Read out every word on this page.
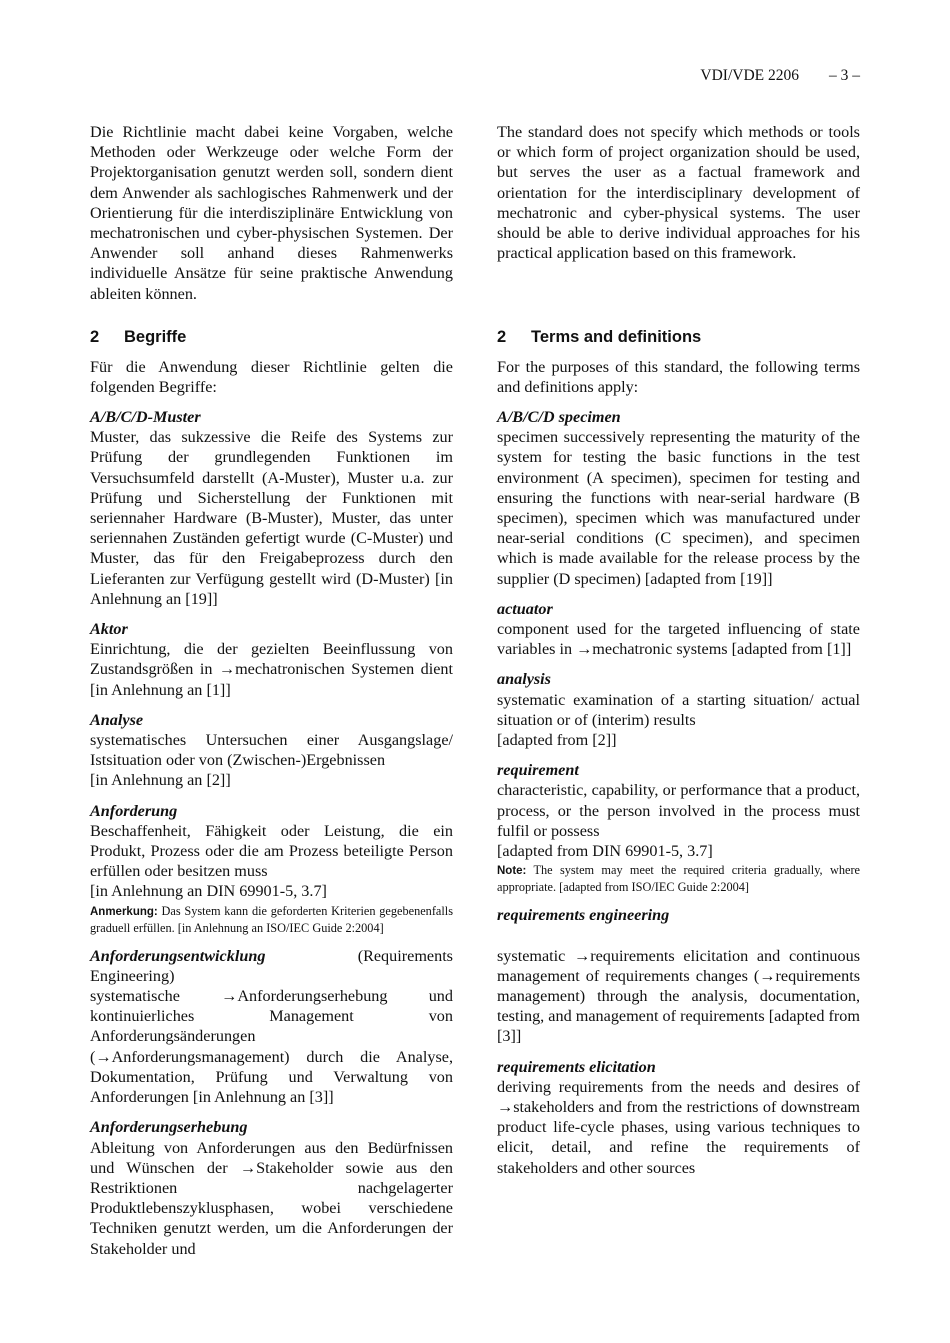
VDI/VDE 2206 – 3 –

Die Richtlinie macht dabei keine Vorgaben, welche Methoden oder Werkzeuge oder welche Form der Projektorganisation genutzt werden soll, sondern dient dem Anwender als sachlogisches Rahmenwerk und der Orientierung für die interdisziplinäre Entwicklung von mechatronischen und cyber-physischen Systemen. Der Anwender soll anhand dieses Rahmenwerks individuelle Ansätze für seine praktische Anwendung ableiten können.

2 Begriffe

Für die Anwendung dieser Richtlinie gelten die folgenden Begriffe:

A/B/C/D-Muster

Muster, das sukzessive die Reife des Systems zur Prüfung der grundlegenden Funktionen im Versuchsumfeld darstellt (A-Muster), Muster u.a. zur Prüfung und Sicherstellung der Funktionen mit seriennaher Hardware (B-Muster), Muster, das unter seriennahen Zuständen gefertigt wurde (C-Muster) und Muster, das für den Freigabeprozess durch den Lieferanten zur Verfügung gestellt wird (D-Muster) [in Anlehnung an [19]]

Aktor

Einrichtung, die der gezielten Beeinflussung von Zustandsgrößen in →mechatronischen Systemen dient [in Anlehnung an [1]]

Analyse

systematisches Untersuchen einer Ausgangslage/ Istsituation oder von (Zwischen-)Ergebnissen

[in Anlehnung an [2]]

Anforderung

Beschaffenheit, Fähigkeit oder Leistung, die ein Produkt, Prozess oder die am Prozess beteiligte Person erfüllen oder besitzen muss

[in Anlehnung an DIN 69901-5, 3.7]

Anmerkung: Das System kann die geforderten Kriterien gegebenenfalls graduell erfüllen. [in Anlehnung an ISO/IEC Guide 2:2004]

Anforderungsentwicklung	(Requirements Engineering)

systematische →Anforderungserhebung und kontinuierliches Management von Anforderungsänderungen (→Anforderungsmanagement) durch die Analyse, Dokumentation, Prüfung und Verwaltung von Anforderungen [in Anlehnung an [3]]

Anforderungserhebung

Ableitung von Anforderungen aus den Bedürfnissen und Wünschen der →Stakeholder sowie aus den Restriktionen nachgelagerter Produktlebenszyklusphasen, wobei verschiedene Techniken genutzt werden, um die Anforderungen der Stakeholder und

The standard does not specify which methods or tools or which form of project organization should be used, but serves the user as a factual framework and orientation for the interdisciplinary development of mechatronic and cyber-physical systems. The user should be able to derive individual approaches for his practical application based on this framework.

2 Terms and definitions

For the purposes of this standard, the following terms and definitions apply:

A/B/C/D specimen

specimen successively representing the maturity of the system for testing the basic functions in the test environment (A specimen), specimen for testing and ensuring the functions with near-serial hardware (B specimen), specimen which was manufactured under near-serial conditions (C specimen), and specimen which is made available for the release process by the supplier (D specimen) [adapted from [19]]

actuator

component used for the targeted influencing of state variables in →mechatronic systems [adapted from [1]]

analysis

systematic examination of a starting situation/ actual situation or of (interim) results

[adapted from [2]]

requirement

characteristic, capability, or performance that a product, process, or the person involved in the process must fulfil or possess

[adapted from DIN 69901-5, 3.7]

Note: The system may meet the required criteria gradually, where appropriate. [adapted from ISO/IEC Guide 2:2004]

requirements engineering

systematic →requirements elicitation and continuous management of requirements changes (→requirements management) through the analysis, documentation, testing, and management of requirements [adapted from [3]]

requirements elicitation

deriving requirements from the needs and desires of →stakeholders and from the restrictions of downstream product life-cycle phases, using various techniques to elicit, detail, and refine the requirements of stakeholders and other sources
